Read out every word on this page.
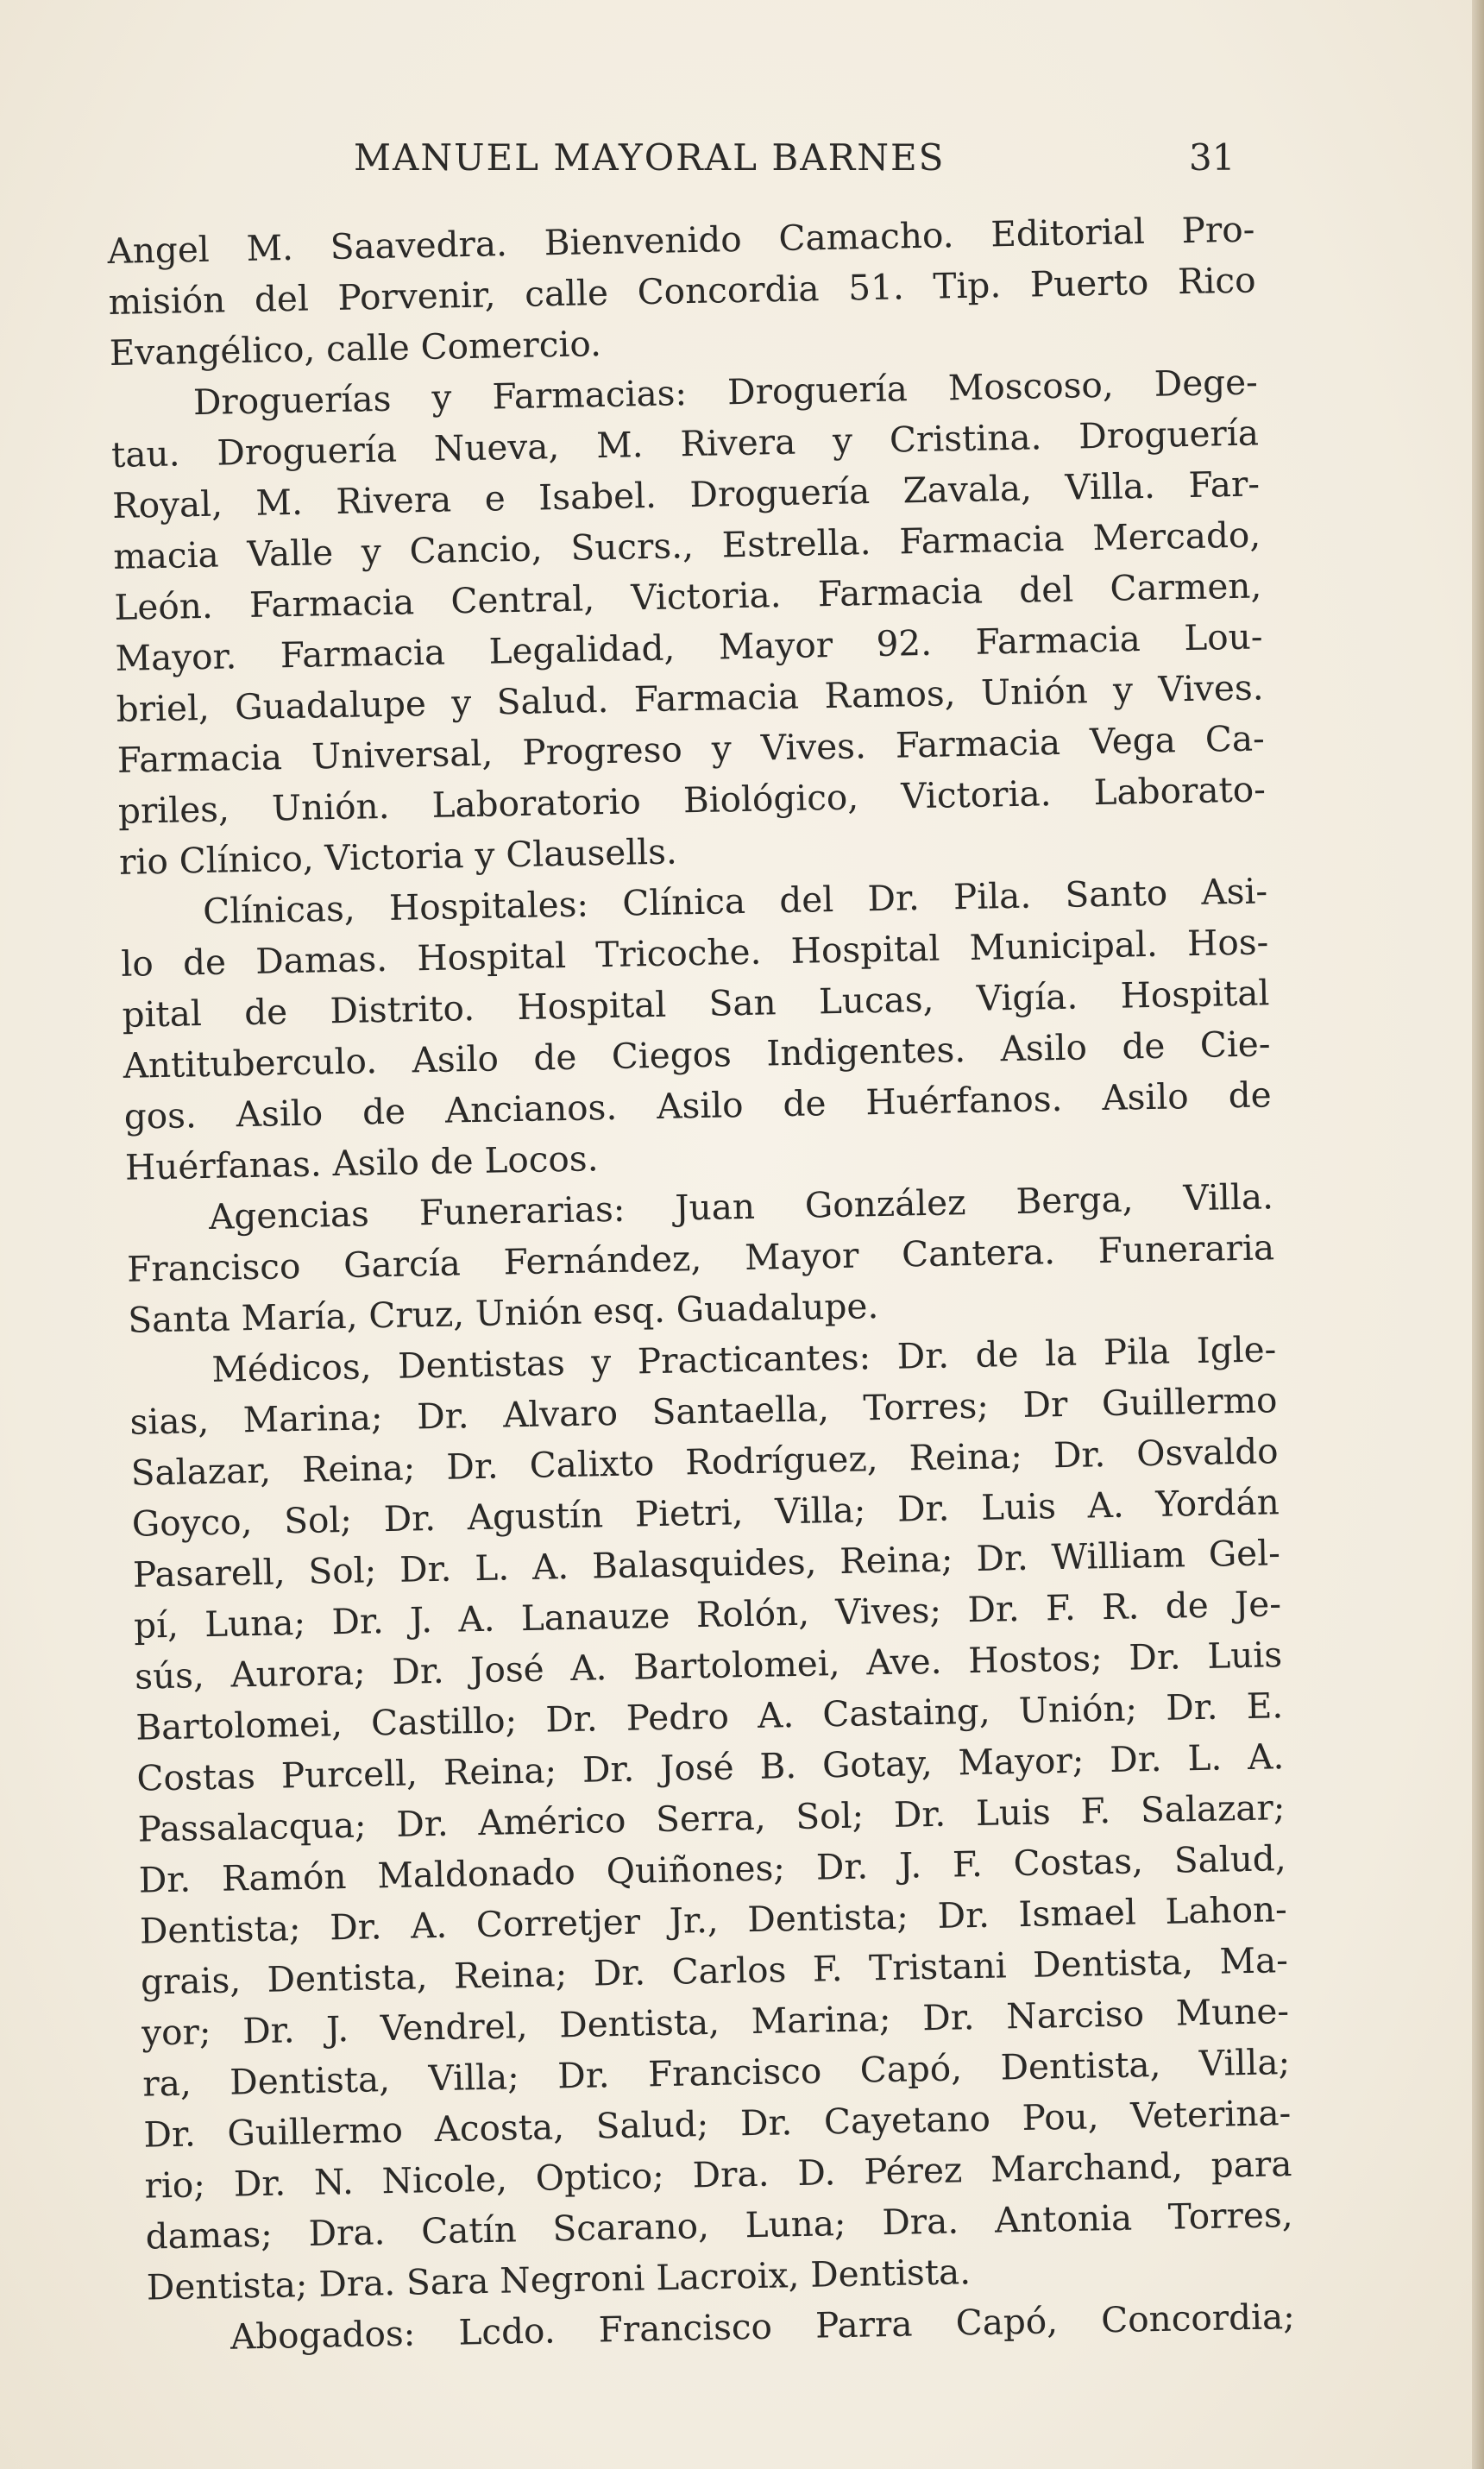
MANUEL MAYORAL BARNES	31
Angel M. Saavedra. Bienvenido Camacho. Editorial Pro-
misión del Porvenir, calle Concordia 51. Tip. Puerto Rico
Evangélico, calle Comercio.
Droguerías y Farmacias: Droguería Moscoso, Dege-
tau. Droguería Nueva, M. Rivera y Cristina. Droguería
Royal, M. Rivera e Isabel. Droguería Zavala, Villa. Far-
macia Valle y Cancio, Sucrs., Estrella. Farmacia Mercado,
León. Farmacia Central, Victoria. Farmacia del Carmen,
Mayor. Farmacia Legalidad, Mayor 92. Farmacia Lou-
briel, Guadalupe y Salud. Farmacia Ramos, Unión y Vives.
Farmacia Universal, Progreso y Vives. Farmacia Vega Ca-
priles, Unión. Laboratorio Biológico, Victoria. Laborato-
rio Clínico, Victoria y Clausells.
Clínicas, Hospitales: Clínica del Dr. Pila. Santo Asi-
lo de Damas. Hospital Tricoche. Hospital Municipal. Hos-
pital de Distrito. Hospital San Lucas, Vigía. Hospital
Antituberculo. Asilo de Ciegos Indigentes. Asilo de Cie-
gos. Asilo de Ancianos. Asilo de Huérfanos. Asilo de
Huérfanas. Asilo de Locos.
Agencias Funerarias: Juan González Berga, Villa.
Francisco García Fernández, Mayor Cantera. Funeraria
Santa María, Cruz, Unión esq. Guadalupe.
Médicos, Dentistas y Practicantes: Dr. de la Pila Igle-
sias, Marina; Dr. Alvaro Santaella, Torres; Dr Guillermo
Salazar, Reina; Dr. Calixto Rodríguez, Reina; Dr. Osvaldo
Goyco, Sol; Dr. Agustín Pietri, Villa; Dr. Luis A. Yordán
Pasarell, Sol; Dr. L. A. Balasquides, Reina; Dr. William Gel-
pí, Luna; Dr. J. A. Lanauze Rolón, Vives; Dr. F. R. de Je-
sús, Aurora; Dr. José A. Bartolomei, Ave. Hostos; Dr. Luis
Bartolomei, Castillo; Dr. Pedro A. Castaing, Unión; Dr. E.
Costas Purcell, Reina; Dr. José B. Gotay, Mayor; Dr. L. A.
Passalacqua; Dr. Américo Serra, Sol; Dr. Luis F. Salazar;
Dr. Ramón Maldonado Quiñones; Dr. J. F. Costas, Salud,
Dentista; Dr. A. Corretjer Jr., Dentista; Dr. Ismael Lahon-
grais, Dentista, Reina; Dr. Carlos F. Tristani Dentista, Ma-
yor; Dr. J. Vendrel, Dentista, Marina; Dr. Narciso Mune-
ra, Dentista, Villa; Dr. Francisco Capó, Dentista, Villa;
Dr. Guillermo Acosta, Salud; Dr. Cayetano Pou, Veterina-
rio; Dr. N. Nicole, Optico; Dra. D. Pérez Marchand, para
damas; Dra. Catín Scarano, Luna; Dra. Antonia Torres,
Dentista; Dra. Sara Negroni Lacroix, Dentista.
Abogados: Lcdo. Francisco Parra Capó, Concordia;
